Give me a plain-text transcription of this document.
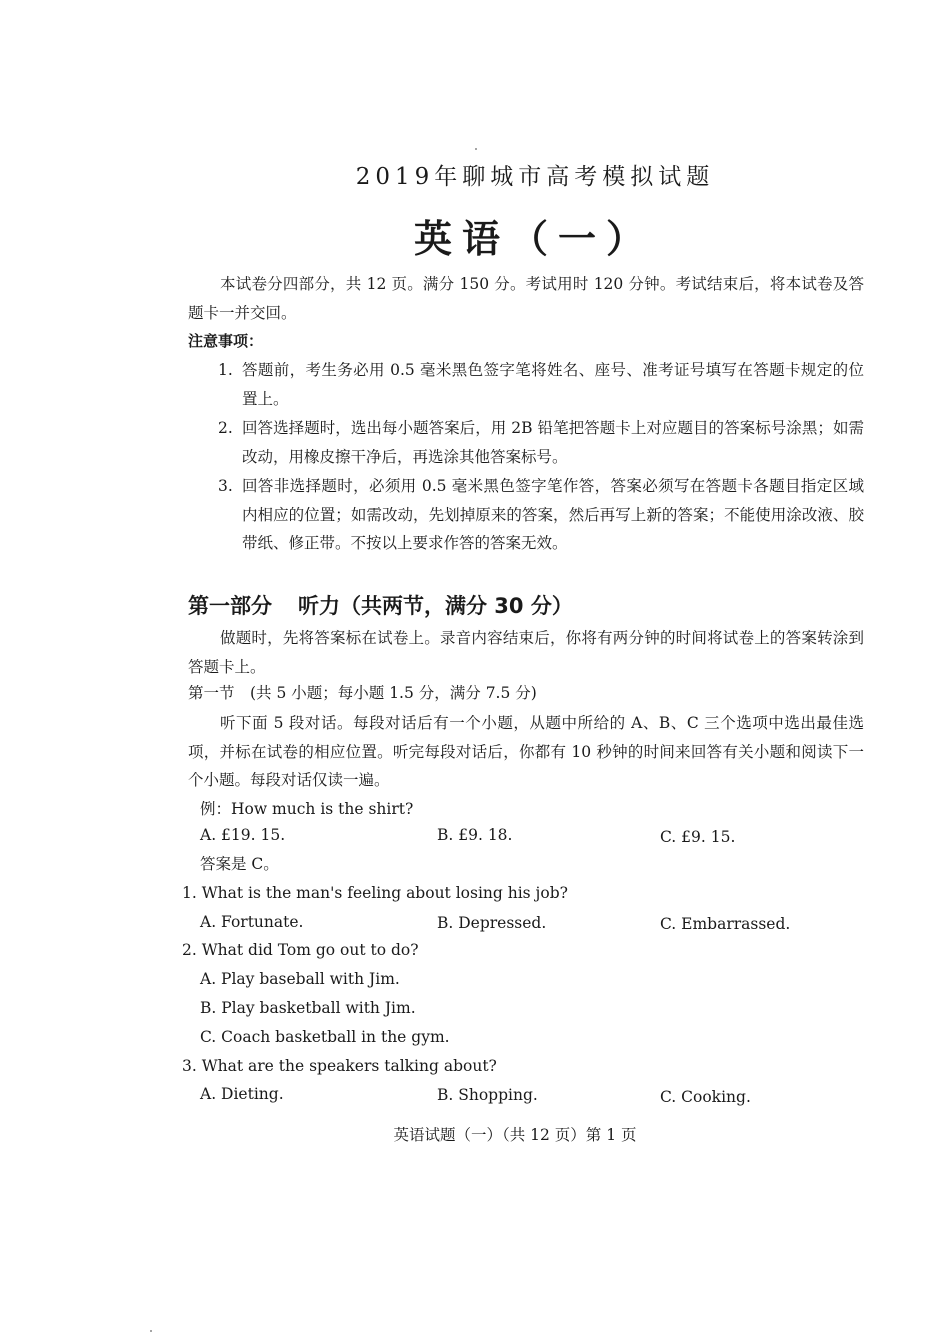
2019年聊城市高考模拟试题
英语（一）
本试卷分四部分，共 12 页。满分 150 分。考试用时 120 分钟。考试结束后，将本试卷及答题卡一并交回。
注意事项：
1. 答题前，考生务必用 0.5 毫米黑色签字笔将姓名、座号、准考证号填写在答题卡规定的位置上。
2. 回答选择题时，选出每小题答案后，用 2B 铅笔把答题卡上对应题目的答案标号涂黑；如需改动，用橡皮擦干净后，再选涂其他答案标号。
3. 回答非选择题时，必须用 0.5 毫米黑色签字笔作答，答案必须写在答题卡各题目指定区域内相应的位置；如需改动，先划掉原来的答案，然后再写上新的答案；不能使用涂改液、胶带纸、修正带。不按以上要求作答的答案无效。
第一部分 听力（共两节，满分 30 分）
做题时，先将答案标在试卷上。录音内容结束后，你将有两分钟的时间将试卷上的答案转涂到答题卡上。
第一节　(共 5 小题；每小题 1.5 分，满分 7.5 分)
听下面 5 段对话。每段对话后有一个小题，从题中所给的 A、B、C 三个选项中选出最佳选项，并标在试卷的相应位置。听完每段对话后，你都有 10 秒钟的时间来回答有关小题和阅读下一个小题。每段对话仅读一遍。
例：How much is the shirt?
A. £19. 15.	B. £9. 18.	C. £9. 15.
答案是 C。
1. What is the man's feeling about losing his job?
A. Fortunate.	B. Depressed.	C. Embarrassed.
2. What did Tom go out to do?
A. Play baseball with Jim.
B. Play basketball with Jim.
C. Coach basketball in the gym.
3. What are the speakers talking about?
A. Dieting.	B. Shopping.	C. Cooking.
英语试题（一）（共 12 页）第 1 页
